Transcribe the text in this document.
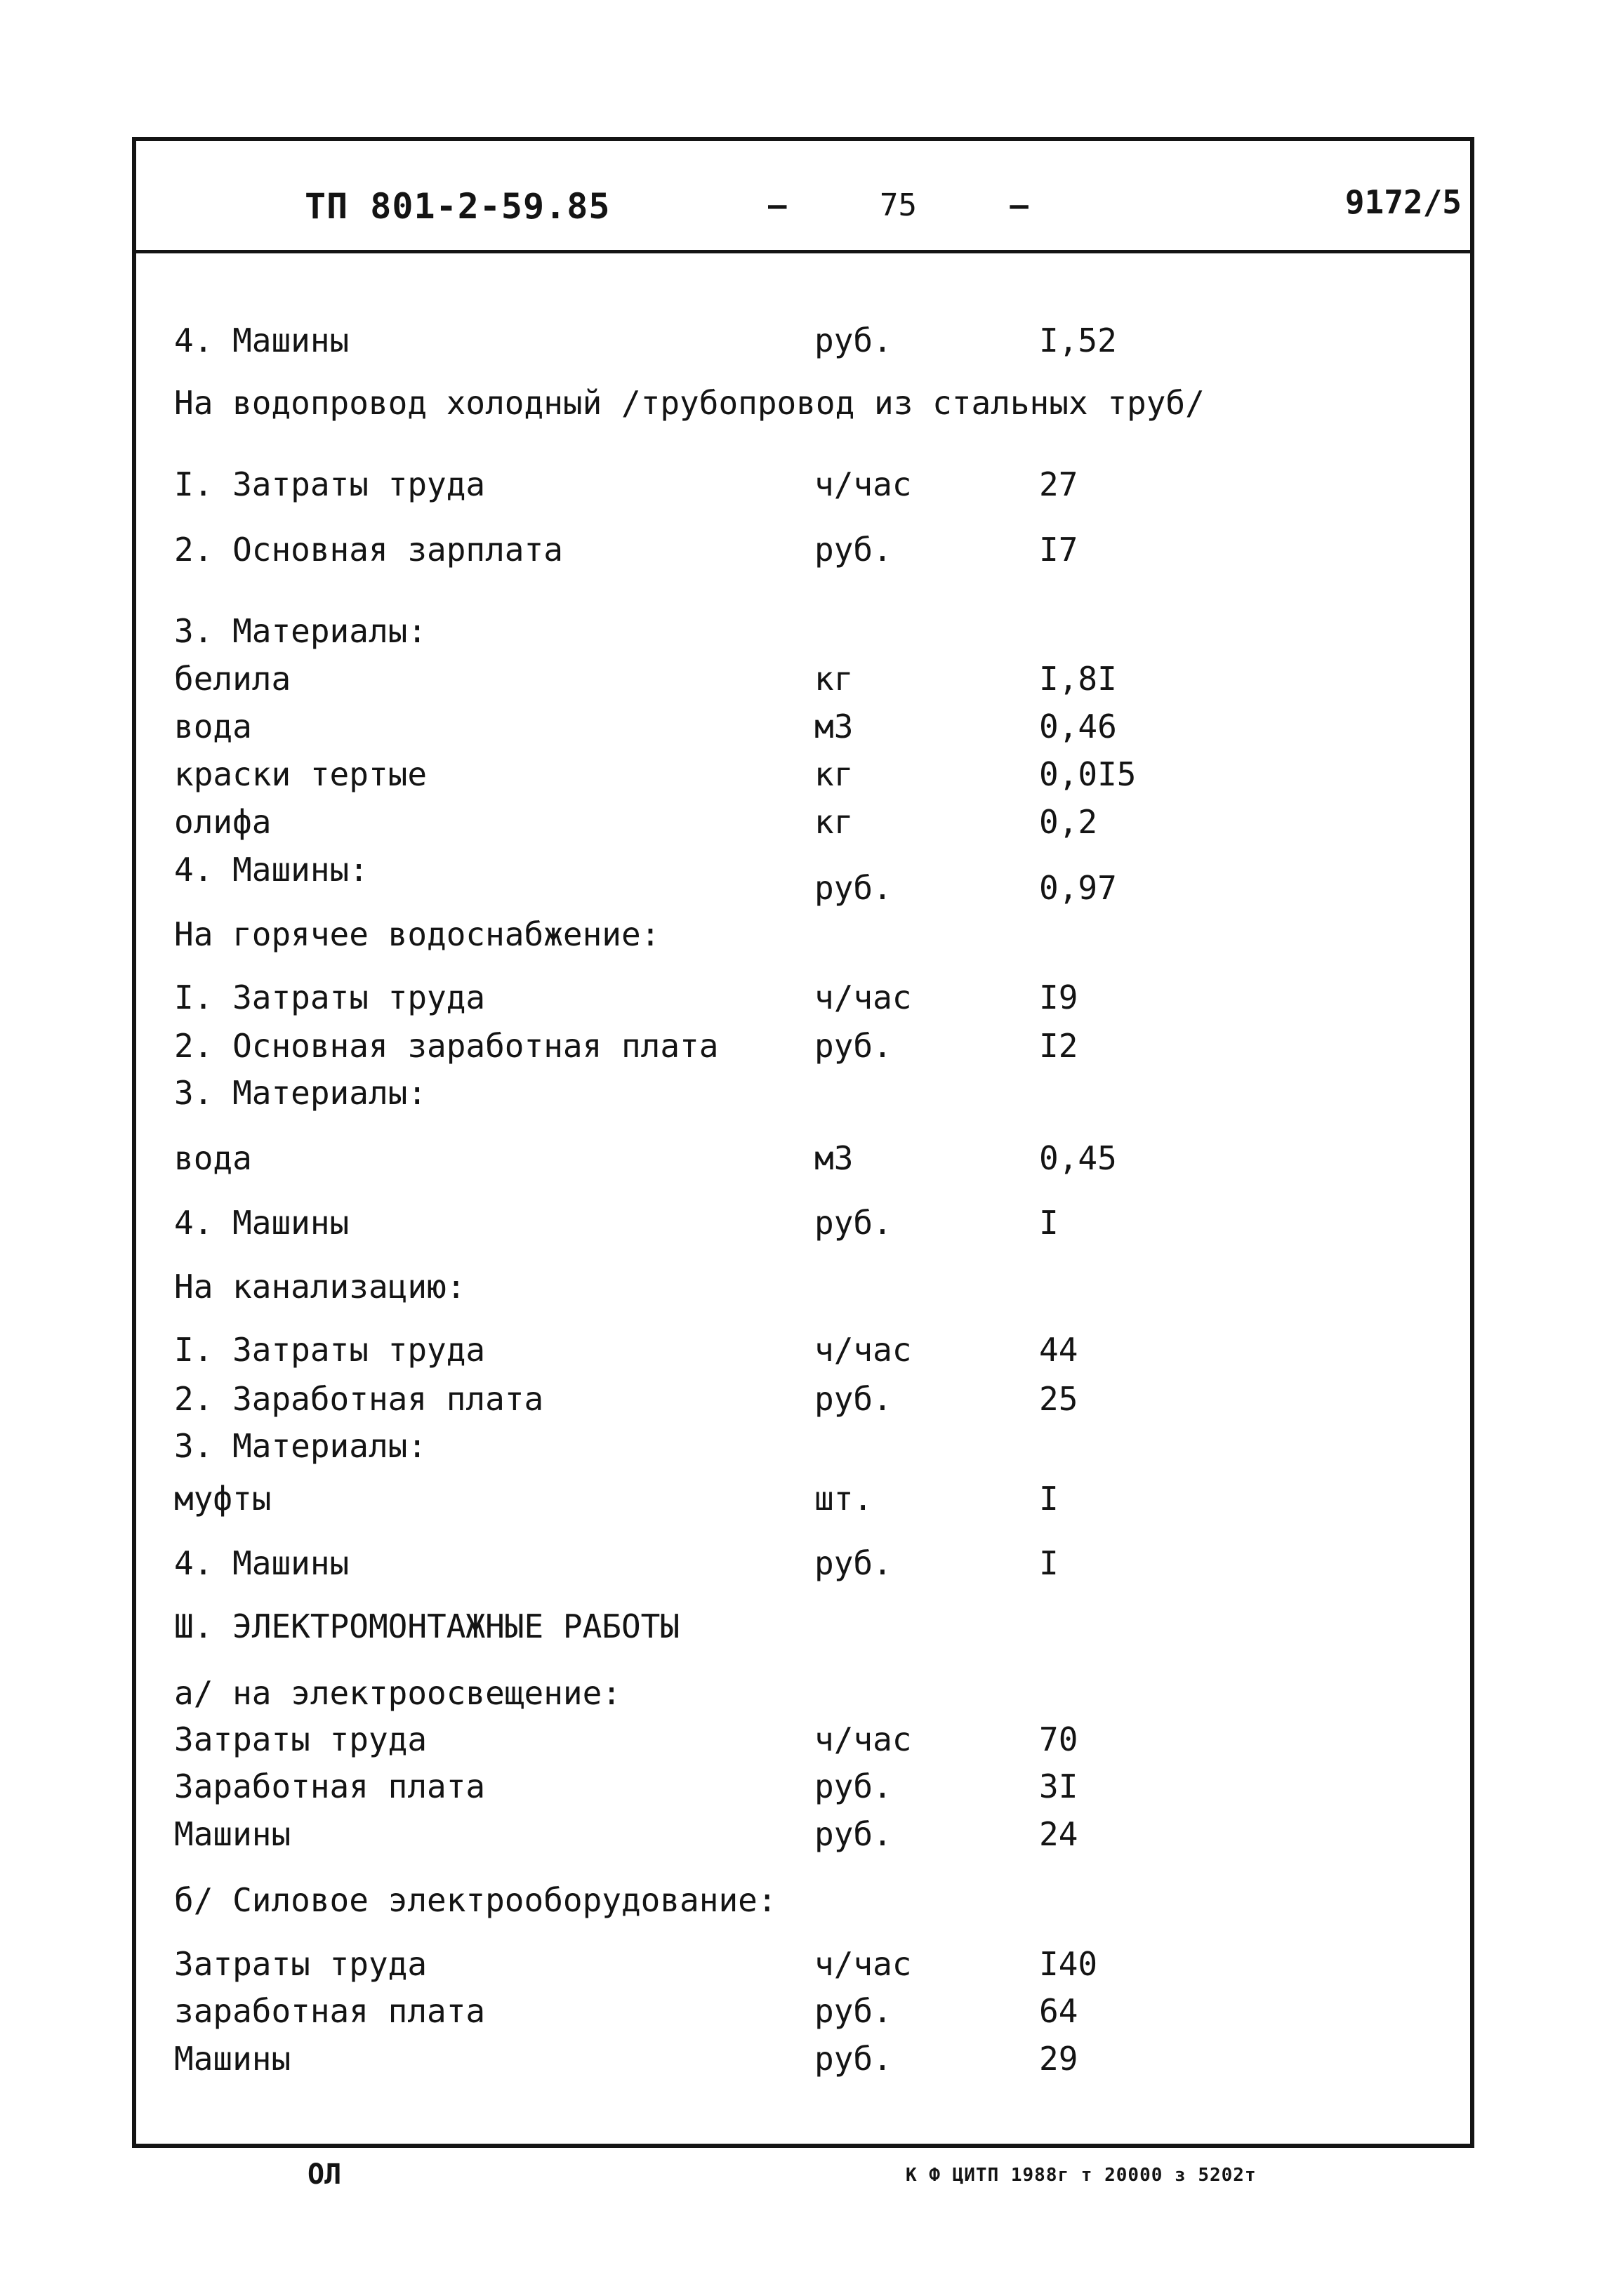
ТП 801-2-59.85	–	75	–	9172/5
4. Машины	руб.	I,52
На водопровод холодный /трубопровод из стальных труб/
I. Затраты труда	ч/час	27
2. Основная зарплата	руб.	I7
3. Материалы:
белила	кг	I,8I
вода	м3	0,46
краски тертые	кг	0,0I5
олифа	кг	0,2
4. Машины:	руб.	0,97
На горячее водоснабжение:
I. Затраты труда	ч/час	I9
2. Основная заработная плата	руб.	I2
3. Материалы:
вода	м3	0,45
4. Машины	руб.	I
На канализацию:
I. Затраты труда	ч/час	44
2. Заработная плата	руб.	25
3. Материалы:
муфты	шт.	I
4. Машины	руб.	I
Ш. ЭЛЕКТРОМОНТАЖНЫЕ РАБОТЫ
а/ на электроосвещение:
Затраты труда	ч/час	70
Заработная плата	руб.	3I
Машины	руб.	24
б/ Силовое электрооборудование:
Затраты труда	ч/час	I40
заработная плата	руб.	64
Машины	руб.	29
ОЛ	К Ф ЦИТП 1988г т 20000 з 5202т
